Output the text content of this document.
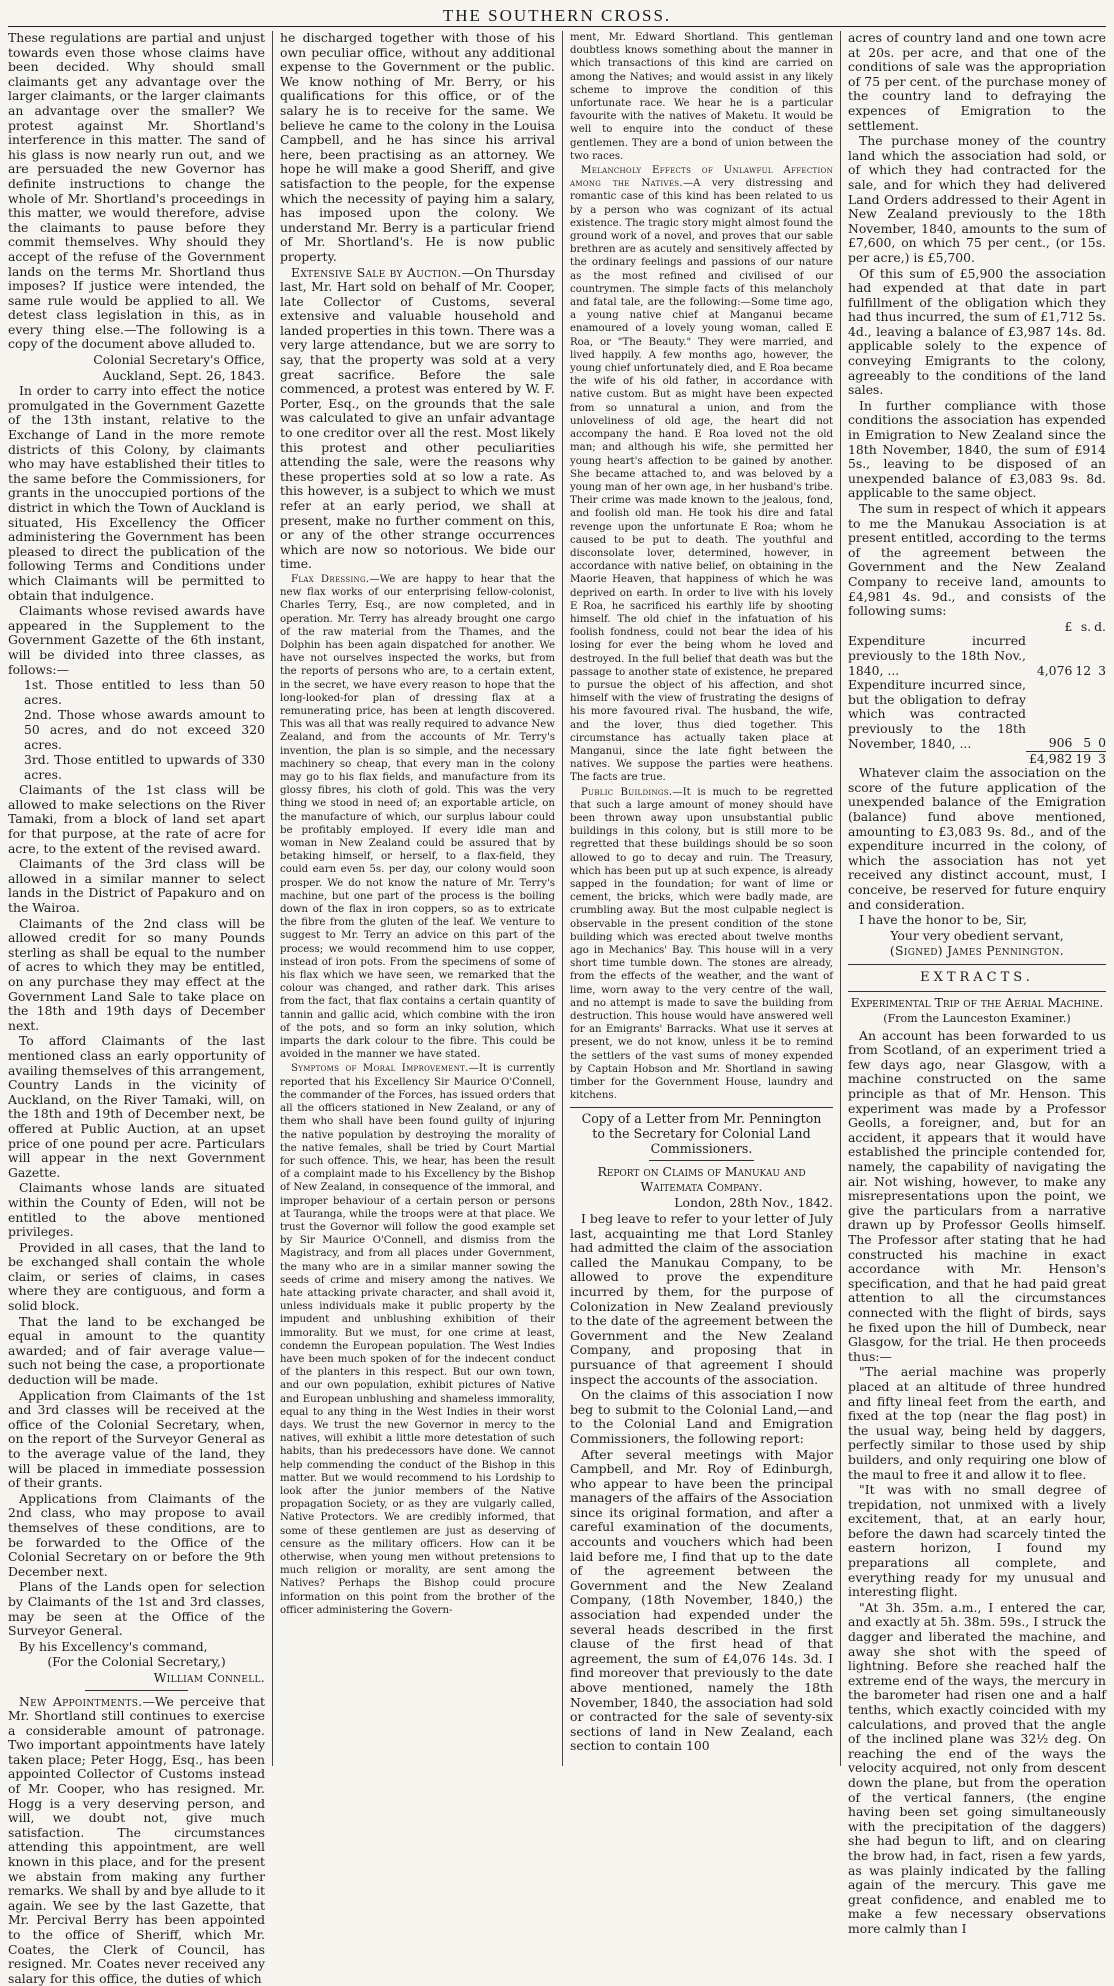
THE SOUTHERN CROSS.

These regulations are partial and unjust towards even those whose claims have been decided. Why should small claimants get any advantage over the larger claimants, or the larger claimants an advantage over the smaller? We protest against Mr. Shortland's interference in this matter. The sand of his glass is now nearly run out, and we are persuaded the new Governor has definite instructions to change the whole of Mr. Shortland's proceedings in this matter, we would therefore, advise the claimants to pause before they commit themselves. Why should they accept of the refuse of the Government lands on the terms Mr. Shortland thus imposes? If justice were intended, the same rule would be applied to all. We detest class legislation in this, as in every thing else.—The following is a copy of the document above alluded to.

Colonial Secretary's Office,

Auckland, Sept. 26, 1843.

In order to carry into effect the notice promulgated in the Government Gazette of the 13th instant, relative to the Exchange of Land in the more remote districts of this Colony, by claimants who may have established their titles to the same before the Commissioners, for grants in the unoccupied portions of the district in which the Town of Auckland is situated, His Excellency the Officer administering the Government has been pleased to direct the publication of the following Terms and Conditions under which Claimants will be permitted to obtain that indulgence.

Claimants whose revised awards have appeared in the Supplement to the Government Gazette of the 6th instant, will be divided into three classes, as follows:—

1st. Those entitled to less than 50 acres.

2nd. Those whose awards amount to 50 acres, and do not exceed 320 acres.

3rd. Those entitled to upwards of 330 acres.

Claimants of the 1st class will be allowed to make selections on the River Tamaki, from a block of land set apart for that purpose, at the rate of acre for acre, to the extent of the revised award.

Claimants of the 3rd class will be allowed in a similar manner to select lands in the District of Papakuro and on the Wairoa.

Claimants of the 2nd class will be allowed credit for so many Pounds sterling as shall be equal to the number of acres to which they may be entitled, on any purchase they may effect at the Government Land Sale to take place on the 18th and 19th days of December next.

To afford Claimants of the last mentioned class an early opportunity of availing themselves of this arrangement, Country Lands in the vicinity of Auckland, on the River Tamaki, will, on the 18th and 19th of December next, be offered at Public Auction, at an upset price of one pound per acre. Particulars will appear in the next Government Gazette.

Claimants whose lands are situated within the County of Eden, will not be entitled to the above mentioned privileges.

Provided in all cases, that the land to be exchanged shall contain the whole claim, or series of claims, in cases where they are contiguous, and form a solid block.

That the land to be exchanged be equal in amount to the quantity awarded; and of fair average value—such not being the case, a proportionate deduction will be made.

Application from Claimants of the 1st and 3rd classes will be received at the office of the Colonial Secretary, when, on the report of the Surveyor General as to the average value of the land, they will be placed in immediate possession of their grants.

Applications from Claimants of the 2nd class, who may propose to avail themselves of these conditions, are to be forwarded to the Office of the Colonial Secretary on or before the 9th December next.

Plans of the Lands open for selection by Claimants of the 1st and 3rd classes, may be seen at the Office of the Surveyor General.

By his Excellency's command,

(For the Colonial Secretary,)

William Connell.

New Appointments.—We perceive that Mr. Shortland still continues to exercise a considerable amount of patronage. Two important appointments have lately taken place; Peter Hogg, Esq., has been appointed Collector of Customs instead of Mr. Cooper, who has resigned. Mr. Hogg is a very deserving person, and will, we doubt not, give much satisfaction. The circumstances attending this appointment, are well known in this place, and for the present we abstain from making any further remarks. We shall by and bye allude to it again. We see by the last Gazette, that Mr. Percival Berry has been appointed to the office of Sheriff, which Mr. Coates, the Clerk of Council, has resigned. Mr. Coates never received any salary for this office, the duties of which

he discharged together with those of his own peculiar office, without any additional expense to the Government or the public. We know nothing of Mr. Berry, or his qualifications for this office, or of the salary he is to receive for the same. We believe he came to the colony in the Louisa Campbell, and he has since his arrival here, been practising as an attorney. We hope he will make a good Sheriff, and give satisfaction to the people, for the expense which the necessity of paying him a salary, has imposed upon the colony. We understand Mr. Berry is a particular friend of Mr. Shortland's. He is now public property.

Extensive Sale by Auction.—On Thursday last, Mr. Hart sold on behalf of Mr. Cooper, late Collector of Customs, several extensive and valuable household and landed properties in this town. There was a very large attendance, but we are sorry to say, that the property was sold at a very great sacrifice. Before the sale commenced, a protest was entered by W. F. Porter, Esq., on the grounds that the sale was calculated to give an unfair advantage to one creditor over all the rest. Most likely this protest and other peculiarities attending the sale, were the reasons why these properties sold at so low a rate. As this however, is a subject to which we must refer at an early period, we shall at present, make no further comment on this, or any of the other strange occurrences which are now so notorious. We bide our time.

Flax Dressing.—We are happy to hear that the new flax works of our enterprising fellow-colonist, Charles Terry, Esq., are now completed, and in operation. Mr. Terry has already brought one cargo of the raw material from the Thames, and the Dolphin has been again dispatched for another. We have not ourselves inspected the works, but from the reports of persons who are, to a certain extent, in the secret, we have every reason to hope that the long-looked-for plan of dressing flax at a remunerating price, has been at length discovered. This was all that was really required to advance New Zealand, and from the accounts of Mr. Terry's invention, the plan is so simple, and the necessary machinery so cheap, that every man in the colony may go to his flax fields, and manufacture from its glossy fibres, his cloth of gold. This was the very thing we stood in need of; an exportable article, on the manufacture of which, our surplus labour could be profitably employed. If every idle man and woman in New Zealand could be assured that by betaking himself, or herself, to a flax-field, they could earn even 5s. per day, our colony would soon prosper. We do not know the nature of Mr. Terry's machine, but one part of the process is the boiling down of the flax in iron coppers, so as to extricate the fibre from the gluten of the leaf. We venture to suggest to Mr. Terry an advice on this part of the process; we would recommend him to use copper, instead of iron pots. From the specimens of some of his flax which we have seen, we remarked that the colour was changed, and rather dark. This arises from the fact, that flax contains a certain quantity of tannin and gallic acid, which combine with the iron of the pots, and so form an inky solution, which imparts the dark colour to the fibre. This could be avoided in the manner we have stated.

Symptoms of Moral Improvement.—It is currently reported that his Excellency Sir Maurice O'Connell, the commander of the Forces, has issued orders that all the officers stationed in New Zealand, or any of them who shall have been found guilty of injuring the native population by destroying the morality of the native females, shall be tried by Court Martial for such offence. This, we hear, has been the result of a complaint made to his Excellency by the Bishop of New Zealand, in consequence of the immoral, and improper behaviour of a certain person or persons at Tauranga, while the troops were at that place. We trust the Governor will follow the good example set by Sir Maurice O'Connell, and dismiss from the Magistracy, and from all places under Government, the many who are in a similar manner sowing the seeds of crime and misery among the natives. We hate attacking private character, and shall avoid it, unless individuals make it public property by the impudent and unblushing exhibition of their immorality. But we must, for one crime at least, condemn the European population. The West Indies have been much spoken of for the indecent conduct of the planters in this respect. But our own town, and our own population, exhibit pictures of Native and European unblushing and shameless immorality, equal to any thing in the West Indies in their worst days. We trust the new Governor in mercy to the natives, will exhibit a little more detestation of such habits, than his predecessors have done. We cannot help commending the conduct of the Bishop in this matter. But we would recommend to his Lordship to look after the junior members of the Native propagation Society, or as they are vulgarly called, Native Protectors. We are credibly informed, that some of these gentlemen are just as deserving of censure as the military officers. How can it be otherwise, when young men without pretensions to much religion or morality, are sent among the Natives? Perhaps the Bishop could procure information on this point from the brother of the officer administering the Govern-

ment, Mr. Edward Shortland. This gentleman doubtless knows something about the manner in which transactions of this kind are carried on among the Natives; and would assist in any likely scheme to improve the condition of this unfortunate race. We hear he is a particular favourite with the natives of Maketu. It would be well to enquire into the conduct of these gentlemen. They are a bond of union between the two races.

Melancholy Effects of Unlawful Affection among the Natives.—A very distressing and romantic case of this kind has been related to us by a person who was cognizant of its actual existence. The tragic story might almost found the ground work of a novel, and proves that our sable brethren are as acutely and sensitively affected by the ordinary feelings and passions of our nature as the most refined and civilised of our countrymen. The simple facts of this melancholy and fatal tale, are the following:—Some time ago, a young native chief at Manganui became enamoured of a lovely young woman, called E Roa, or "The Beauty." They were married, and lived happily. A few months ago, however, the young chief unfortunately died, and E Roa became the wife of his old father, in accordance with native custom. But as might have been expected from so unnatural a union, and from the unloveliness of old age, the heart did not accompany the hand. E Roa loved not the old man; and although his wife, she permitted her young heart's affection to be gained by another. She became attached to, and was beloved by a young man of her own age, in her husband's tribe. Their crime was made known to the jealous, fond, and foolish old man. He took his dire and fatal revenge upon the unfortunate E Roa; whom he caused to be put to death. The youthful and disconsolate lover, determined, however, in accordance with native belief, on obtaining in the Maorie Heaven, that happiness of which he was deprived on earth. In order to live with his lovely E Roa, he sacrificed his earthly life by shooting himself. The old chief in the infatuation of his foolish fondness, could not bear the idea of his losing for ever the being whom he loved and destroyed. In the full belief that death was but the passage to another state of existence, he prepared to pursue the object of his affection, and shot himself with the view of frustrating the designs of his more favoured rival. The husband, the wife, and the lover, thus died together. This circumstance has actually taken place at Manganui, since the late fight between the natives. We suppose the parties were heathens. The facts are true.

Public Buildings.—It is much to be regretted that such a large amount of money should have been thrown away upon unsubstantial public buildings in this colony, but is still more to be regretted that these buildings should be so soon allowed to go to decay and ruin. The Treasury, which has been put up at such expence, is already sapped in the foundation; for want of lime or cement, the bricks, which were badly made, are crumbling away. But the most culpable neglect is observable in the present condition of the stone building which was erected about twelve months ago in Mechanics' Bay. This house will in a very short time tumble down. The stones are already, from the effects of the weather, and the want of lime, worn away to the very centre of the wall, and no attempt is made to save the building from destruction. This house would have answered well for an Emigrants' Barracks. What use it serves at present, we do not know, unless it be to remind the settlers of the vast sums of money expended by Captain Hobson and Mr. Shortland in sawing timber for the Government House, laundry and kitchens.

Copy of a Letter from Mr. Pennington to the Secretary for Colonial Land Commissioners.

Report on Claims of Manukau and Waitemata Company.

London, 28th Nov., 1842.

I beg leave to refer to your letter of July last, acquainting me that Lord Stanley had admitted the claim of the association called the Manukau Company, to be allowed to prove the expenditure incurred by them, for the purpose of Colonization in New Zealand previously to the date of the agreement between the Government and the New Zealand Company, and proposing that in pursuance of that agreement I should inspect the accounts of the association.

On the claims of this association I now beg to submit to the Colonial Land,—and to the Colonial Land and Emigration Commissioners, the following report:

After several meetings with Major Campbell, and Mr. Roy of Edinburgh, who appear to have been the principal managers of the affairs of the Association since its original formation, and after a careful examination of the documents, accounts and vouchers which had been laid before me, I find that up to the date of the agreement between the Government and the New Zealand Company, (18th November, 1840,) the association had expended under the several heads described in the first clause of the first head of that agreement, the sum of £4,076 14s. 3d. I find moreover that previously to the date above mentioned, namely the 18th November, 1840, the association had sold or contracted for the sale of seventy-six sections of land in New Zealand, each section to contain 100

acres of country land and one town acre at 20s. per acre, and that one of the conditions of sale was the appropriation of 75 per cent. of the purchase money of the country land to defraying the expences of Emigration to the settlement.

The purchase money of the country land which the association had sold, or of which they had contracted for the sale, and for which they had delivered Land Orders addressed to their Agent in New Zealand previously to the 18th November, 1840, amounts to the sum of £7,600, on which 75 per cent., (or 15s. per acre,) is £5,700.

Of this sum of £5,900 the association had expended at that date in part fulfillment of the obligation which they had thus incurred, the sum of £1,712 5s. 4d., leaving a balance of £3,987 14s. 8d. applicable solely to the expence of conveying Emigrants to the colony, agreeably to the conditions of the land sales.

In further compliance with those conditions the association has expended in Emigration to New Zealand since the 18th November, 1840, the sum of £914 5s., leaving to be disposed of an unexpended balance of £3,083 9s. 8d. applicable to the same object.

The sum in respect of which it appears to me the Manukau Association is at present entitled, according to the terms of the agreement between the Government and the New Zealand Company to receive land, amounts to £4,981 4s. 9d., and consists of the following sums:

	£	s.	d.
Expenditure incurred previously to the 18th Nov., 1840, ...	4,076	12	3
Expenditure incurred since, but the obligation to defray which was contracted previously to the 18th November, 1840, ...	906	5	0
	£4,982	19	3

Whatever claim the association on the score of the future application of the unexpended balance of the Emigration (balance) fund above mentioned, amounting to £3,083 9s. 8d., and of the expenditure incurred in the colony, of which the association has not yet received any distinct account, must, I conceive, be reserved for future enquiry and consideration.

I have the honor to be, Sir,

Your very obedient servant,

(Signed) James Pennington.

EXTRACTS.

Experimental Trip of the Aerial Machine.

(From the Launceston Examiner.)

An account has been forwarded to us from Scotland, of an experiment tried a few days ago, near Glasgow, with a machine constructed on the same principle as that of Mr. Henson. This experiment was made by a Professor Geolls, a foreigner, and, but for an accident, it appears that it would have established the principle contended for, namely, the capability of navigating the air. Not wishing, however, to make any misrepresentations upon the point, we give the particulars from a narrative drawn up by Professor Geolls himself. The Professor after stating that he had constructed his machine in exact accordance with Mr. Henson's specification, and that he had paid great attention to all the circumstances connected with the flight of birds, says he fixed upon the hill of Dumbeck, near Glasgow, for the trial. He then proceeds thus:—

"The aerial machine was properly placed at an altitude of three hundred and fifty lineal feet from the earth, and fixed at the top (near the flag post) in the usual way, being held by daggers, perfectly similar to those used by ship builders, and only requiring one blow of the maul to free it and allow it to flee.

"It was with no small degree of trepidation, not unmixed with a lively excitement, that, at an early hour, before the dawn had scarcely tinted the eastern horizon, I found my preparations all complete, and everything ready for my unusual and interesting flight.

"At 3h. 35m. a.m., I entered the car, and exactly at 5h. 38m. 59s., I struck the dagger and liberated the machine, and away she shot with the speed of lightning. Before she reached half the extreme end of the ways, the mercury in the barometer had risen one and a half tenths, which exactly coincided with my calculations, and proved that the angle of the inclined plane was 32½ deg. On reaching the end of the ways the velocity acquired, not only from descent down the plane, but from the operation of the vertical fanners, (the engine having been set going simultaneously with the precipitation of the daggers) she had begun to lift, and on clearing the brow had, in fact, risen a few yards, as was plainly indicated by the falling again of the mercury. This gave me great confidence, and enabled me to make a few necessary observations more calmly than I
